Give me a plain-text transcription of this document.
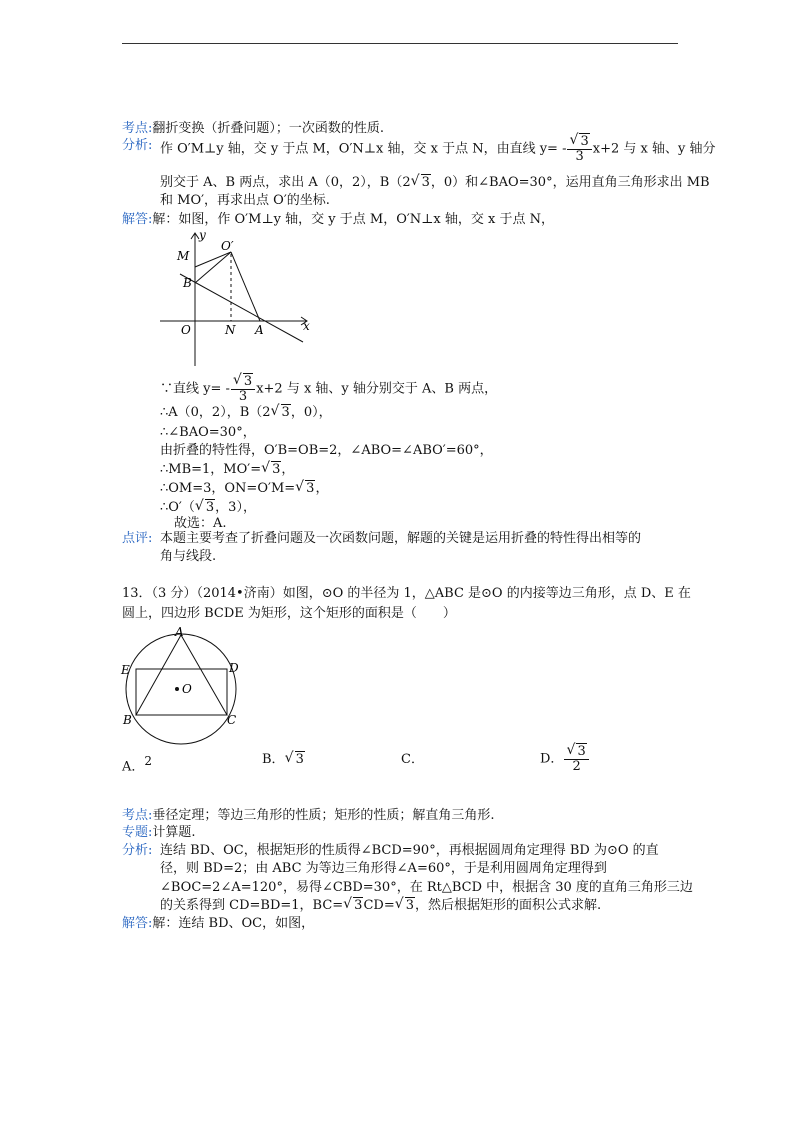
考点:翻折变换（折叠问题）；一次函数的性质.
分析: 作 O′M⊥y 轴，交 y 于点 M，O′N⊥x 轴，交 x 于点 N，由直线 y= - √ $\frac{3}{3} x+2$ 与 x 轴、y 轴分
别交于 A、B 两点，求出 A（0，2），B（2 √ 3，0）和∠BAO=30°，运用直角三角形求出 MB
和 MO′，再求出点 O′的坐标.
解答:解：如图，作 O′M⊥y 轴，交 y 于点 M，O′N⊥x 轴，交 x 于点 N，
y
O′
M
B
O	N A	x
∵直线 y= - √ $\frac{3}{3} x+2$ 与 x 轴、y 轴分别交于 A、B 两点，
∴A（0，2），B（2 √ 3，0），
∴∠BAO=30°，
由折叠的特性得，O′B=OB=2，∠ABO=∠ABO′=60°，
∴MB=1，MO′= √ 3，
∴OM=3，ON=O′M= √ 3，
∴O′（ √ 3，3），
故选：A.
点评: 本题主要考查了折叠问题及一次函数问题，解题的关键是运用折叠的特性得出相等的
角与线段.
13．（3 分）（2014•济南）如图，⊙O 的半径为 1，△ABC 是⊙O 的内接等边三角形，点 D、E 在
圆上，四边形 BCDE 为矩形，这个矩形的面积是（　　）
A
E	D
O
B	C
A．2	B． √ 3	C．	D． √ $\frac{3}{2}$
考点:垂径定理；等边三角形的性质；矩形的性质；解直角三角形.
专题:计算题.
分析: 连结 BD、OC，根据矩形的性质得∠BCD=90°，再根据圆周角定理得 BD 为⊙O 的直
径，则 BD=2；由 ABC 为等边三角形得∠A=60°，于是利用圆周角定理得到
∠BOC=2∠A=120°，易得∠CBD=30°，在 Rt△BCD 中，根据含 30 度的直角三角形三边
的关系得到 CD=BD=1，BC= √ 3CD= √ 3，然后根据矩形的面积公式求解.
解答:解：连结 BD、OC，如图，
